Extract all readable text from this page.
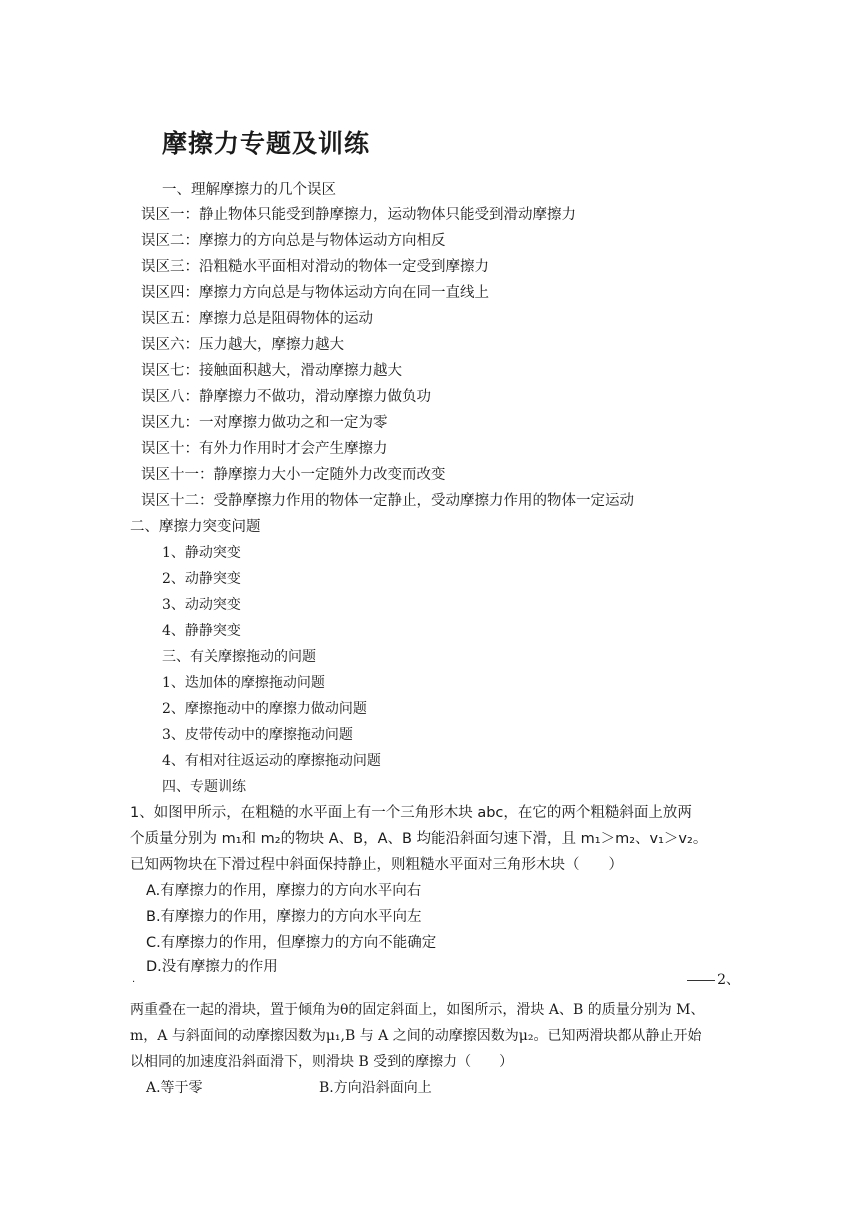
摩擦力专题及训练
一、理解摩擦力的几个误区
误区一：静止物体只能受到静摩擦力，运动物体只能受到滑动摩擦力
误区二：摩擦力的方向总是与物体运动方向相反
误区三：沿粗糙水平面相对滑动的物体一定受到摩擦力
误区四：摩擦力方向总是与物体运动方向在同一直线上
误区五：摩擦力总是阻碍物体的运动
误区六：压力越大，摩擦力越大
误区七：接触面积越大，滑动摩擦力越大
误区八：静摩擦力不做功，滑动摩擦力做负功
误区九：一对摩擦力做功之和一定为零
误区十：有外力作用时才会产生摩擦力
误区十一：静摩擦力大小一定随外力改变而改变
误区十二：受静摩擦力作用的物体一定静止，受动摩擦力作用的物体一定运动
二、摩擦力突变问题
1、静动突变
2、动静突变
3、动动突变
4、静静突变
三、有关摩擦拖动的问题
1、迭加体的摩擦拖动问题
2、摩擦拖动中的摩擦力做动问题
3、皮带传动中的摩擦拖动问题
4、有相对往返运动的摩擦拖动问题
四、专题训练
1、如图甲所示，在粗糙的水平面上有一个三角形木块 abc，在它的两个粗糙斜面上放两
个质量分别为 m₁和 m₂的物块 A、B，A、B 均能沿斜面匀速下滑，且 m₁＞m₂、v₁＞v₂。
已知两物块在下滑过程中斜面保持静止，则粗糙水平面对三角形木块（　　）
A.有摩擦力的作用，摩擦力的方向水平向右
B.有摩擦力的作用，摩擦力的方向水平向左
C.有摩擦力的作用，但摩擦力的方向不能确定
D.没有摩擦力的作用
.	2、
两重叠在一起的滑块，置于倾角为θ的固定斜面上，如图所示，滑块 A、B 的质量分别为 M、
m，A 与斜面间的动摩擦因数为μ₁,B 与 A 之间的动摩擦因数为μ₂。已知两滑块都从静止开始
以相同的加速度沿斜面滑下，则滑块 B 受到的摩擦力（　　）
A.等于零	B.方向沿斜面向上
